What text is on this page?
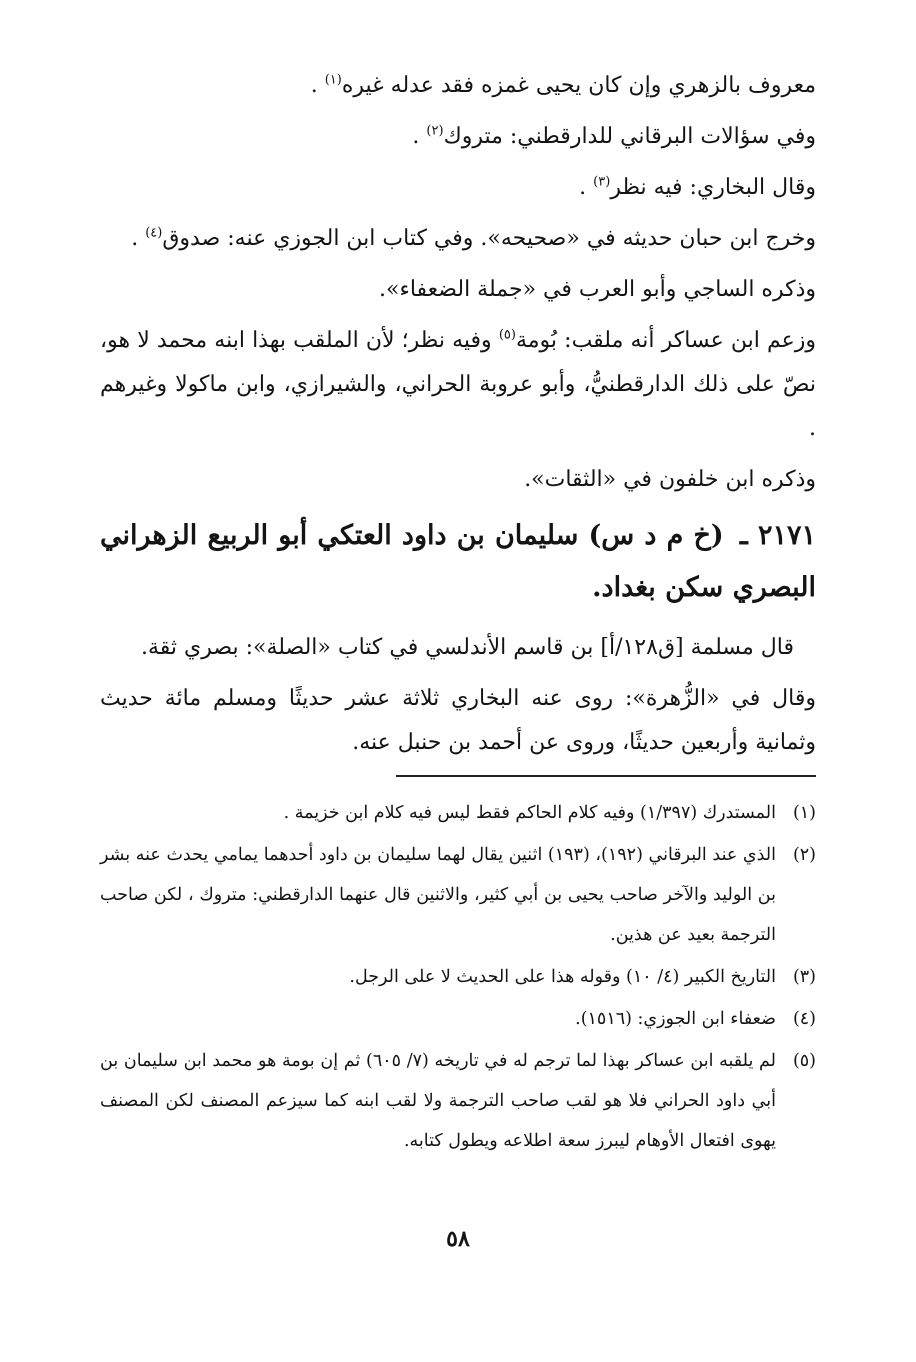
معروف بالزهري وإن كان يحيى غمزه فقد عدله غيره$^{(١)}$ .

وفي سؤالات البرقاني للدارقطني: متروك$^{(٢)}$ .

وقال البخاري: فيه نظر$^{(٣)}$ .

وخرج ابن حبان حديثه في «صحيحه». وفي كتاب ابن الجوزي عنه: صدوق$^{(٤)}$ .

وذكره الساجي وأبو العرب في «جملة الضعفاء».

وزعم ابن عساكر أنه ملقب: بُومة$^{(٥)}$ وفيه نظر؛ لأن الملقب بهذا ابنه محمد لا هو، نصّ على ذلك الدارقطنيُّ، وأبو عروبة الحراني، والشيرازي، وابن ماكولا وغيرهم .

وذكره ابن خلفون في «الثقات».

٢١٧١ ـ (خ م د س) سليمان بن داود العتكي أبو الربيع الزهراني البصري سكن بغداد.

قال مسلمة [ق١٢٨/أ] بن قاسم الأندلسي في كتاب «الصلة»: بصري ثقة.

وقال في «الزُّهرة»: روى عنه البخاري ثلاثة عشر حديثًا ومسلم مائة حديث وثمانية وأربعين حديثًا، وروى عن أحمد بن حنبل عنه.

(١)
المستدرك (١/٣٩٧) وفيه كلام الحاكم فقط ليس فيه كلام ابن خزيمة .
(٢)
الذي عند البرقاني (١٩٢)، (١٩٣) اثنين يقال لهما سليمان بن داود أحدهما يمامي يحدث عنه بشر بن الوليد والآخر صاحب يحيى بن أبي كثير، والاثنين قال عنهما الدارقطني: متروك ، لكن صاحب الترجمة بعيد عن هذين.
(٣)
التاريخ الكبير (٤/ ١٠) وقوله هذا على الحديث لا على الرجل.
(٤)
ضعفاء ابن الجوزي: (١٥١٦).
(٥)
لم يلقبه ابن عساكر بهذا لما ترجم له في تاريخه (٧/ ٦٠٥) ثم إن بومة هو محمد ابن سليمان بن أبي داود الحراني فلا هو لقب صاحب الترجمة ولا لقب ابنه كما سيزعم المصنف لكن المصنف يهوى افتعال الأوهام ليبرز سعة اطلاعه ويطول كتابه.
٥٨
